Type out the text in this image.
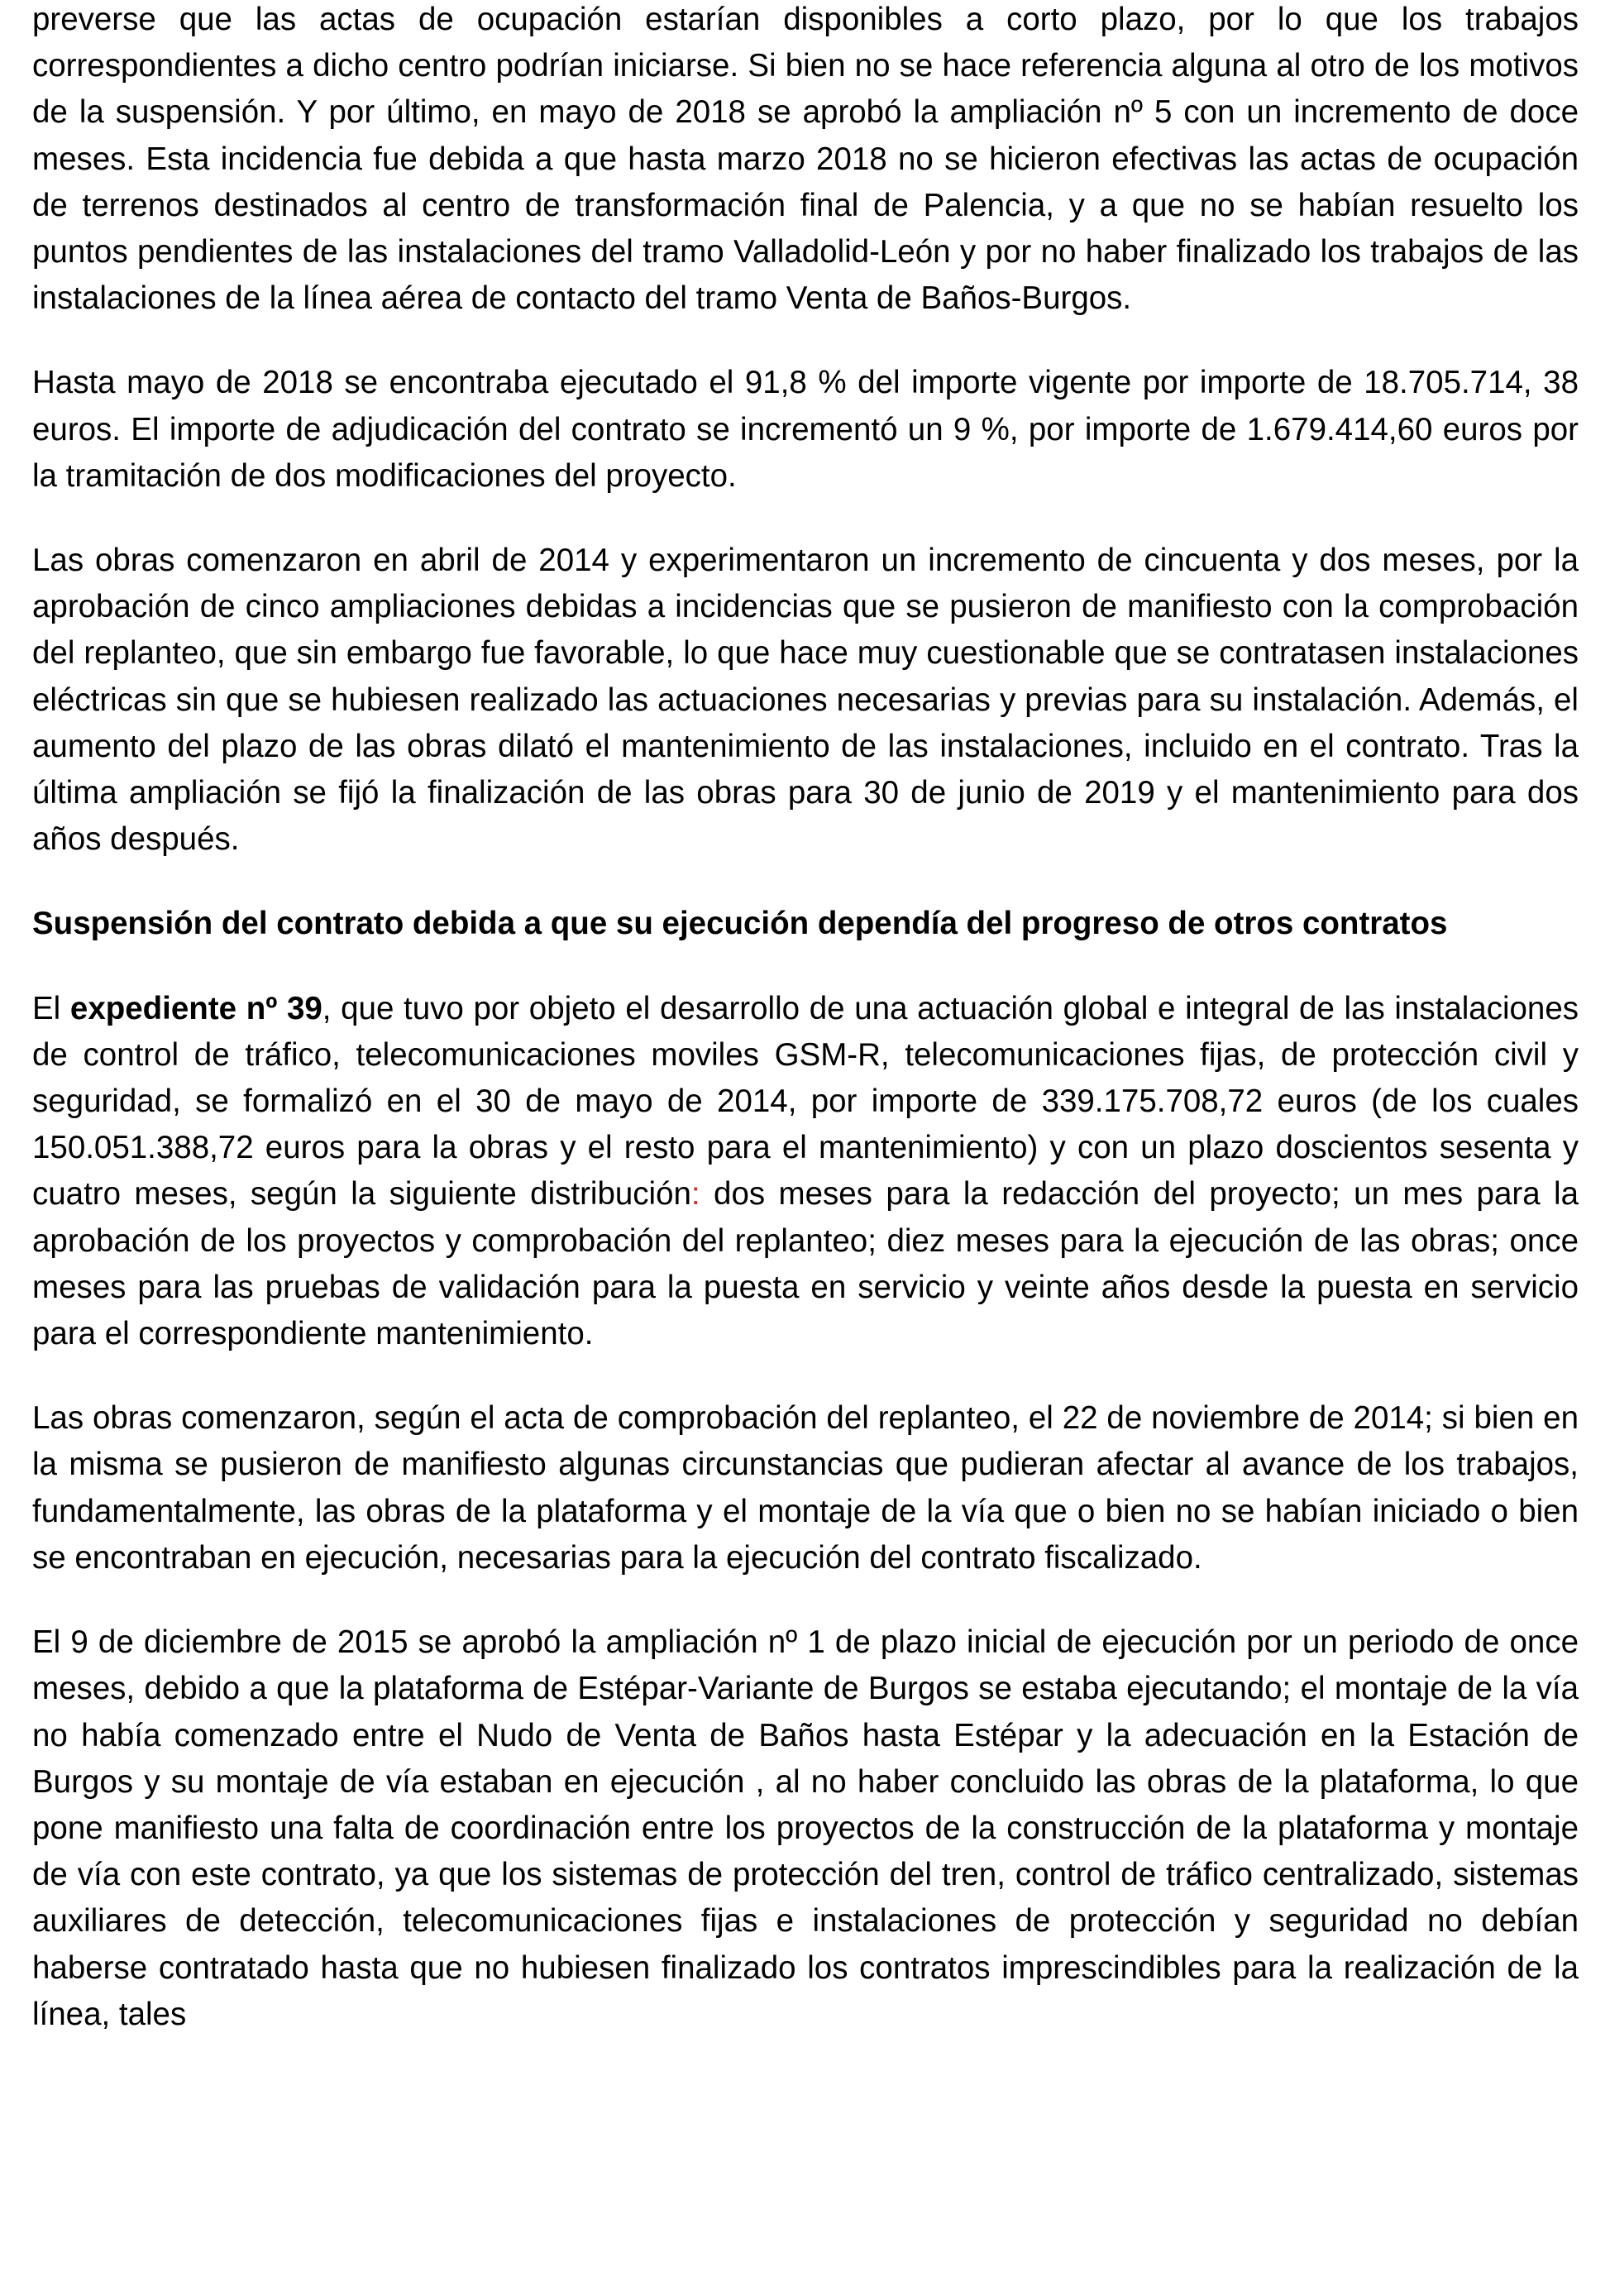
preverse que las actas de ocupación estarían disponibles a corto plazo, por lo que los trabajos correspondientes a dicho centro podrían iniciarse. Si bien no se hace referencia alguna al otro de los motivos de la suspensión. Y por último, en mayo de 2018 se aprobó la ampliación nº 5 con un incremento de doce meses. Esta incidencia fue debida a que hasta marzo 2018 no se hicieron efectivas las actas de ocupación de terrenos destinados al centro de transformación final de Palencia, y a que no se habían resuelto los puntos pendientes de las instalaciones del tramo Valladolid-León y por no haber finalizado los trabajos de las instalaciones de la línea aérea de contacto del tramo Venta de Baños-Burgos.

Hasta mayo de 2018 se encontraba ejecutado el 91,8 % del importe vigente por importe de 18.705.714, 38 euros. El importe de adjudicación del contrato se incrementó un 9 %, por importe de 1.679.414,60 euros por la tramitación de dos modificaciones del proyecto.

Las obras comenzaron en abril de 2014 y experimentaron un incremento de cincuenta y dos meses, por la aprobación de cinco ampliaciones debidas a incidencias que se pusieron de manifiesto con la comprobación del replanteo, que sin embargo fue favorable, lo que hace muy cuestionable que se contratasen instalaciones eléctricas sin que se hubiesen realizado las actuaciones necesarias y previas para su instalación. Además, el aumento del plazo de las obras dilató el mantenimiento de las instalaciones, incluido en el contrato. Tras la última ampliación se fijó la finalización de las obras para 30 de junio de 2019 y el mantenimiento para dos años después.

Suspensión del contrato debida a que su ejecución dependía del progreso de otros contratos

El expediente nº 39, que tuvo por objeto el desarrollo de una actuación global e integral de las instalaciones de control de tráfico, telecomunicaciones moviles GSM-R, telecomunicaciones fijas, de protección civil y seguridad, se formalizó en el 30 de mayo de 2014, por importe de 339.175.708,72 euros (de los cuales 150.051.388,72 euros para la obras y el resto para el mantenimiento) y con un plazo doscientos sesenta y cuatro meses, según la siguiente distribución: dos meses para la redacción del proyecto; un mes para la aprobación de los proyectos y comprobación del replanteo; diez meses para la ejecución de las obras; once meses para las pruebas de validación para la puesta en servicio y veinte años desde la puesta en servicio para el correspondiente mantenimiento.

Las obras comenzaron, según el acta de comprobación del replanteo, el 22 de noviembre de 2014; si bien en la misma se pusieron de manifiesto algunas circunstancias que pudieran afectar al avance de los trabajos, fundamentalmente, las obras de la plataforma y el montaje de la vía que o bien no se habían iniciado o bien se encontraban en ejecución, necesarias para la ejecución del contrato fiscalizado.

El 9 de diciembre de 2015 se aprobó la ampliación nº 1 de plazo inicial de ejecución por un periodo de once meses, debido a que la plataforma de Estépar-Variante de Burgos se estaba ejecutando; el montaje de la vía no había comenzado entre el Nudo de Venta de Baños hasta Estépar y la adecuación en la Estación de Burgos y su montaje de vía estaban en ejecución , al no haber concluido las obras de la plataforma, lo que pone manifiesto una falta de coordinación entre los proyectos de la construcción de la plataforma y montaje de vía con este contrato, ya que los sistemas de protección del tren, control de tráfico centralizado, sistemas auxiliares de detección, telecomunicaciones fijas e instalaciones de protección y seguridad no debían haberse contratado hasta que no hubiesen finalizado los contratos imprescindibles para la realización de la línea, tales
